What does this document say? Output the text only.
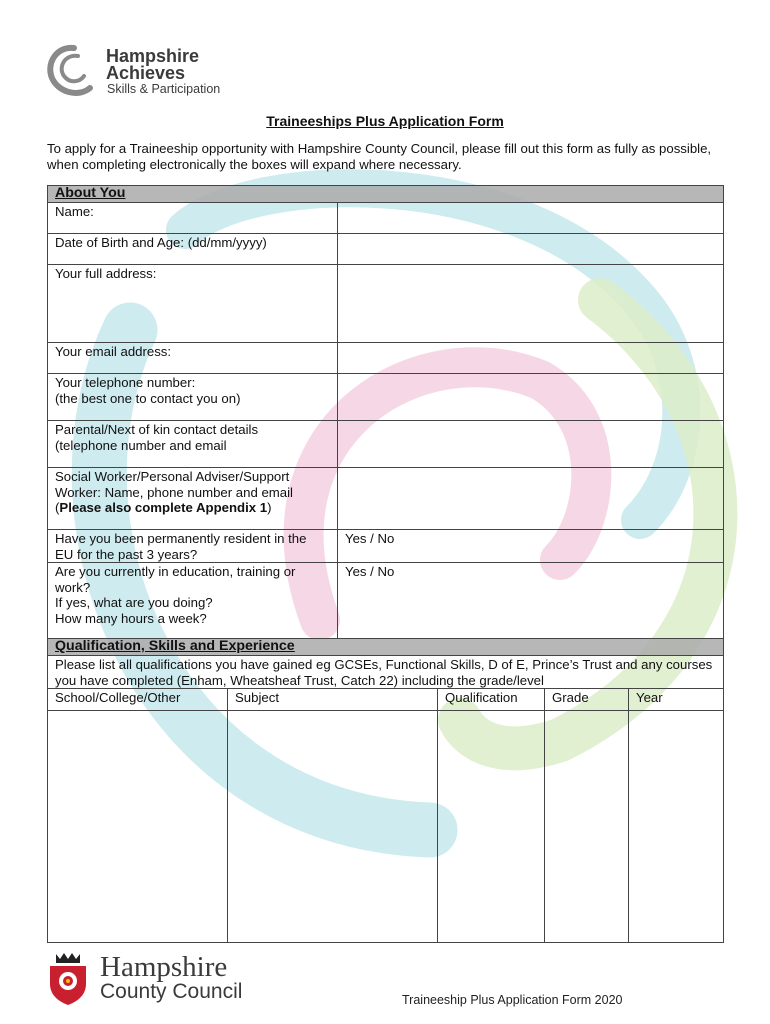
Hampshire
Achieves
Skills & Participation
Traineeships Plus Application Form
To apply for a Traineeship opportunity with Hampshire County Council, please fill out this form as fully as possible, when completing electronically the boxes will expand where necessary.
About You	
Name:	
Date of Birth and Age: (dd/mm/yyyy)	
Your full address:	
Your email address:	

Your telephone number:
(the best one to contact you on)	

Parental/Next of kin contact details
(telephone number and email	

Social Worker/Personal Adviser/Support
Worker: Name, phone number and email
(Please also complete Appendix 1)	

Have you been permanently resident in the
EU for the past 3 years?	Yes / No

Are you currently in education, training or
work?
If yes, what are you doing?
How many hours a week?	Yes / No
Qualification, Skills and Experience				
Please list all qualifications you have gained eg GCSEs, Functional Skills, D of E, Prince’s Trust and any courses you have completed (Enham, Wheatsheaf Trust, Catch 22) including the grade/level				
School/College/Other	Subject	Qualification	Grade	Year

Hampshire
County Council	Traineeship Plus Application Form 2020
